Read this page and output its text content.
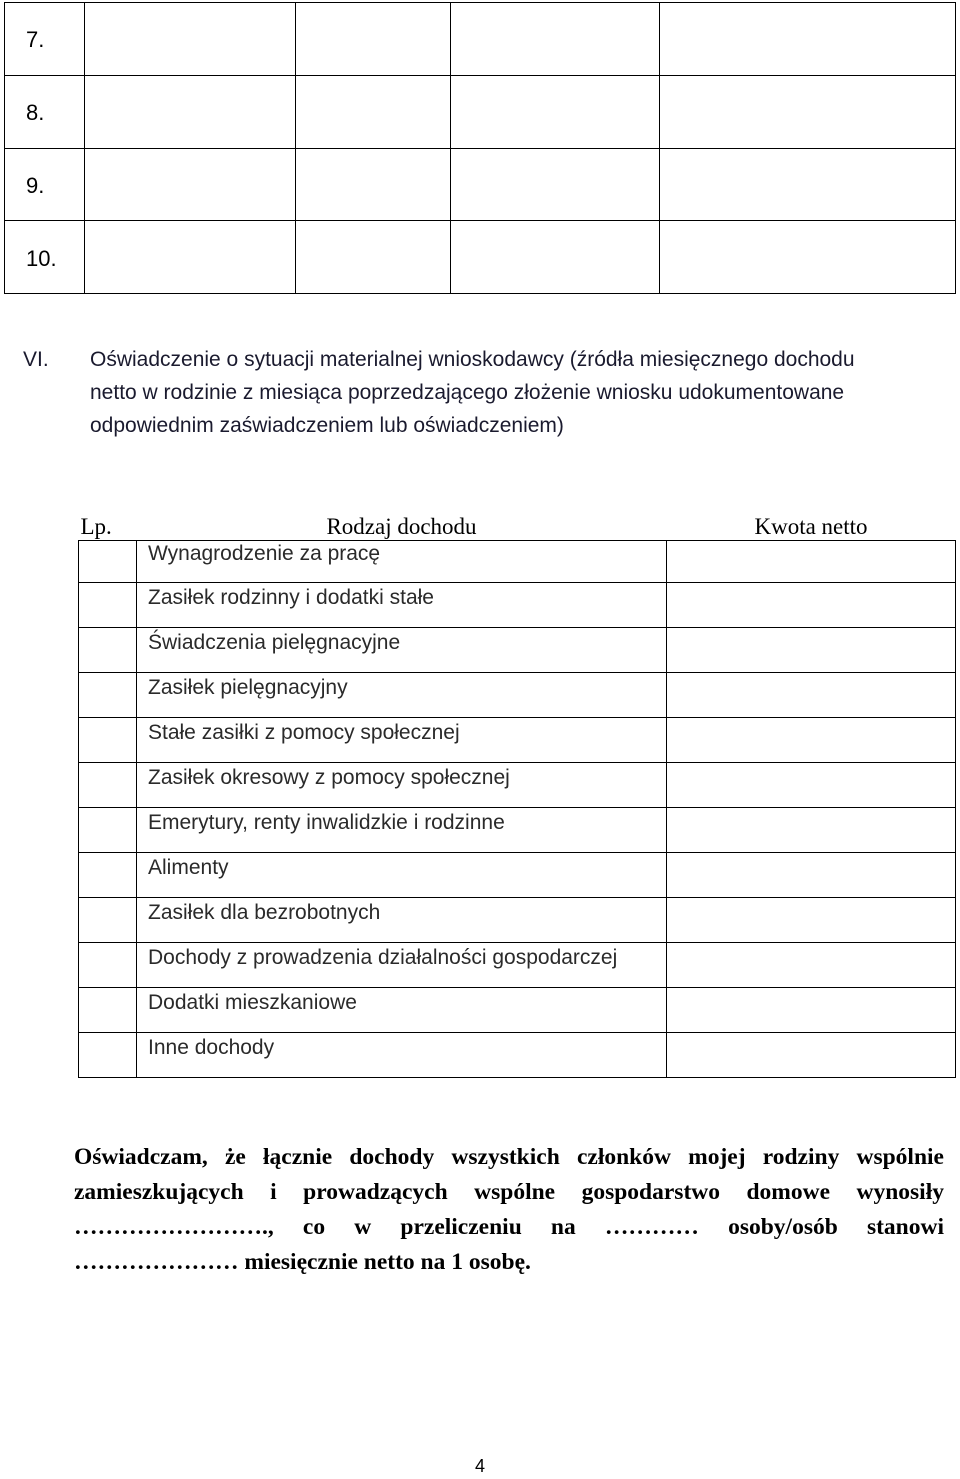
7.				
8.				
9.				
10.				
VI. Oświadczenie o sytuacji materialnej wnioskodawcy (źródła miesięcznego dochodu netto w rodzinie z miesiąca poprzedzającego złożenie wniosku udokumentowane odpowiednim zaświadczeniem lub oświadczeniem)
Lp.	Rodzaj dochodu	Kwota netto
	Wynagrodzenie za pracę	
	Zasiłek rodzinny i dodatki stałe	
	Świadczenia pielęgnacyjne	
	Zasiłek pielęgnacyjny	
	Stałe zasiłki z pomocy społecznej	
	Zasiłek okresowy z pomocy społecznej	
	Emerytury, renty inwalidzkie i rodzinne	
	Alimenty	
	Zasiłek dla bezrobotnych	
	Dochody z prowadzenia działalności gospodarczej	
	Dodatki mieszkaniowe	
	Inne dochody	
Oświadczam, że łącznie dochody wszystkich członków mojej rodziny wspólnie zamieszkujących i prowadzących wspólne gospodarstwo domowe wynosiły ……………………., co w przeliczeniu na ………… osoby/osób stanowi ………………… miesięcznie netto na 1 osobę.
4
